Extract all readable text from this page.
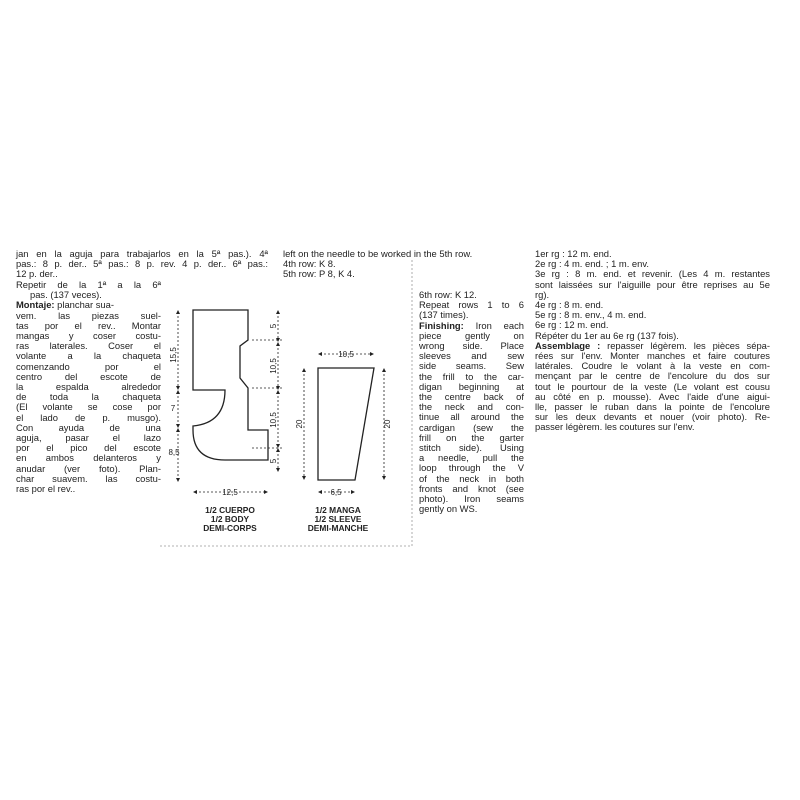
jan en la aguja para trabajarlos en la 5ª pas.). 4ª
pas.: 8 p. der.. 5ª pas.: 8 p. rev. 4 p. der.. 6ª pas.:
12 p. der..
Repetir de la 1ª a la 6ª
pas. (137 veces).
Montaje: planchar sua-
vem. las piezas suel-
tas por el rev.. Montar
mangas y coser costu-
ras laterales. Coser el
volante a la chaqueta
comenzando por el
centro del escote de
la espalda alrededor
de toda la chaqueta
(El volante se cose por
el lado de p. musgo).
Con ayuda de una
aguja, pasar el lazo
por el pico del escote
en ambos delanteros y
anudar (ver foto). Plan-
char suavem. las costu-
ras por el rev..
left on the needle to be worked in the 5th row.
4th row: K 8.
5th row: P 8, K 4.
6th row: K 12.
Repeat rows 1 to 6
(137 times).
Finishing: Iron each
piece gently on
wrong side. Place
sleeves and sew
side seams. Sew
the frill to the car-
digan beginning at
the centre back of
the neck and con-
tinue all around the
cardigan (sew the
frill on the garter
stitch side). Using
a needle, pull the
loop through the V
of the neck in both
fronts and knot (see
photo). Iron seams
gently on WS.
1er rg : 12 m. end.
2e rg : 4 m. end. ; 1 m. env.
3e rg : 8 m. end. et revenir. (Les 4 m. restantes
sont laissées sur l'aiguille pour être reprises au 5e
rg).
4e rg : 8 m. end.
5e rg : 8 m. env., 4 m. end.
6e rg : 12 m. end.
Répéter du 1er au 6e rg (137 fois).
Assemblage : repasser légèrem. les pièces sépa-
rées sur l'env. Monter manches et faire coutures
latérales. Coudre le volant à la veste en com-
mençant par le centre de l'encolure du dos sur
tout le pourtour de la veste (Le volant est cousu
au côté en p. mousse). Avec l'aide d'une aigui-
lle, passer le ruban dans la pointe de l'encolure
sur les deux devants et nouer (voir photo). Re-
passer légèrem. les coutures sur l'env.
15,5
7
8,5
5
10,5
10,5
5
12,5
10,5
20	20
6,5
1/2 CUERPO
1/2 BODY
DEMI-CORPS
1/2 MANGA
1/2 SLEEVE
DEMI-MANCHE
